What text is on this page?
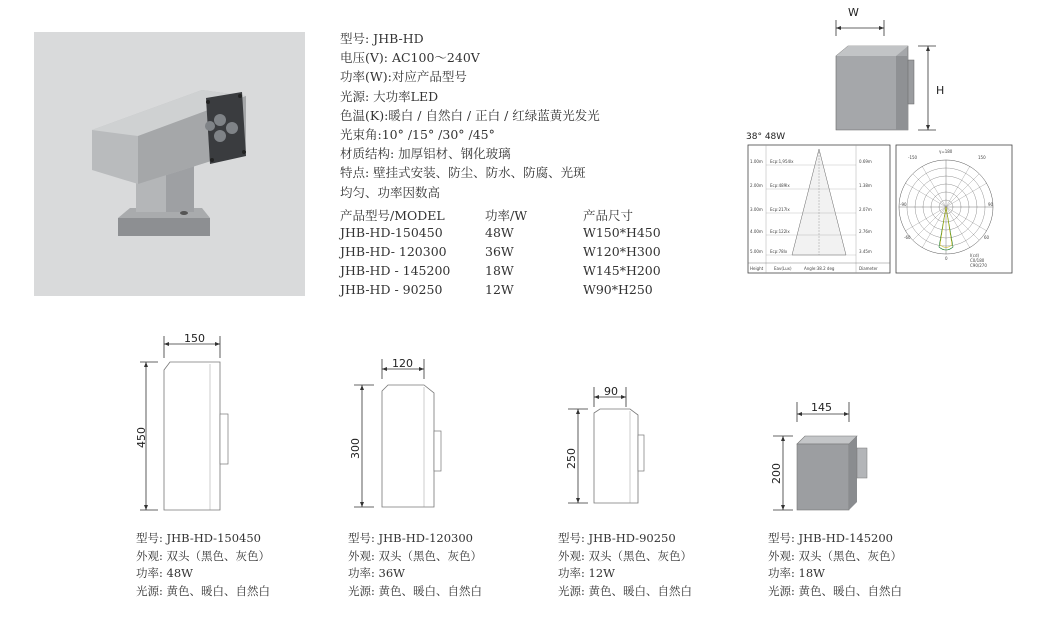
型号: JHB-HD
电压(V): AC100～240V
功率(W):对应产品型号
光源: 大功率LED
色温(K):暖白 / 自然白 / 正白 / 红绿蓝黄光发光
光束角:10° /15° /30° /45°
材质结构: 加厚铝材、钢化玻璃
特点: 壁挂式安装、防尘、防水、防腐、光斑
均匀、功率因数高
产品型号/MODEL	功率/W	产品尺寸
JHB-HD-150450	48W	W150*H450
JHB-HD- 120300	36W	W120*H300
JHB-HD - 145200	18W	W145*H200
JHB-HD - 90250	12W	W90*H250
W
H
38° 48W
1.00m
2.00m
3.00m
4.00m
5.00m
Ecp:1,954lx
Ecp:489lx
Ecp:217lx
Ecp:122lx
Ecp:78lx
0.69m
1.38m
2.07m
2.76m
3.45m
Height	Eav(Lux)	Angle:38.2 deg	Diameter
γ=180
-150	150
-90	90
-60	60
0
I(cd)
C0/180
C90/270
150
450
120
300
90
250
145
200
型号: JHB-HD-150450
外观: 双头（黑色、灰色）
功率: 48W
光源: 黄色、暖白、自然白
型号: JHB-HD-120300
外观: 双头（黑色、灰色）
功率: 36W
光源: 黄色、暖白、自然白
型号: JHB-HD-90250
外观: 双头（黑色、灰色）
功率: 12W
光源: 黄色、暖白、自然白
型号: JHB-HD-145200
外观: 双头（黑色、灰色）
功率: 18W
光源: 黄色、暖白、自然白
